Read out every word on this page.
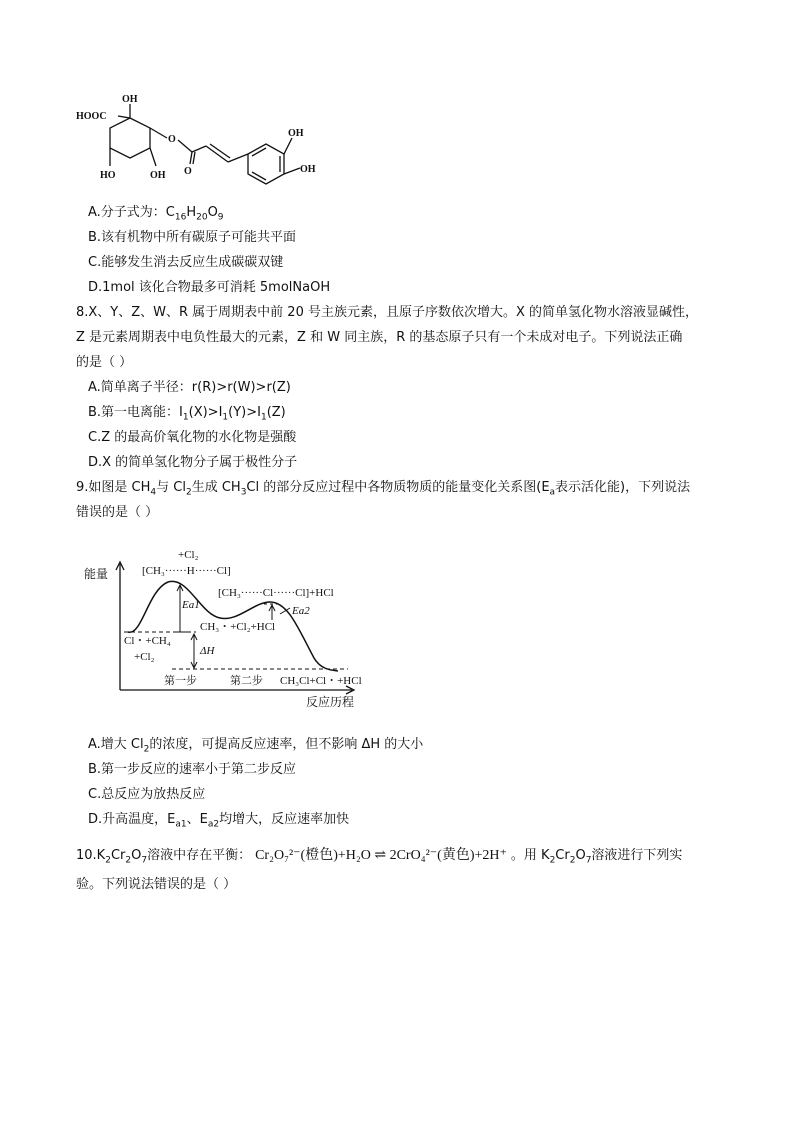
HOOC
OH
HO	OH
O
O
OH
OH
A.分子式为：$C_{16}H_{20}O_9$
B.该有机物中所有碳原子可能共平面
C.能够发生消去反应生成碳碳双键
D.1mol 该化合物最多可消耗 5molNaOH
8.X、Y、Z、W、R 属于周期表中前 20 号主族元素，且原子序数依次增大。X 的简单氢化物水溶液显碱性，
Z 是元素周期表中电负性最大的元素，Z 和 W 同主族，R 的基态原子只有一个未成对电子。下列说法正确
的是（ ）
A.简单离子半径：r(R)>r(W)>r(Z)
B.第一电离能：$I_1(X)>I_1(Y)>I_1(Z)$
C.Z 的最高价氧化物的水化物是强酸
D.X 的简单氢化物分子属于极性分子
9.如图是 $CH_4$与 $Cl_2$生成 $CH_3Cl$ 的部分反应过程中各物质物质的能量变化关系图($E_a$表示活化能)，下列说法
错误的是（ ）
能量
反应历程
+Cl₂
[CH₃······H······Cl]
[CH₃······Cl······Cl]+HCl
Ea1	Ea2
Cl・+CH₄
+Cl₂
CH₃・+Cl₂+HCl
ΔH
第一步	第二步 CH₃Cl+Cl・+HCl
A.增大 $Cl_2$的浓度，可提高反应速率，但不影响 ΔH 的大小
B.第一步反应的速率小于第二步反应
C.总反应为放热反应
D.升高温度，$E_{a1}$、$E_{a2}$均增大，反应速率加快
$10.K_2Cr_2O_7$溶液中存在平衡： Cr₂O₇²⁻(橙色)+H₂O ⇌ 2CrO₄²⁻(黄色)+2H⁺ 。用 $K_2Cr_2O_7$溶液进行下列实
验。下列说法错误的是（ ）
